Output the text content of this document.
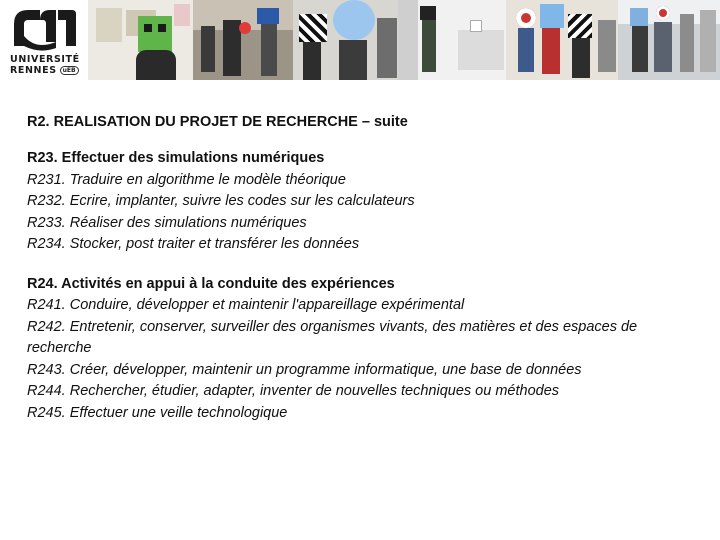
UNIVERSITÉ
RENNES uEB
R2. REALISATION DU PROJET DE RECHERCHE – suite
R23. Effectuer des simulations numériques
R231. Traduire en algorithme le modèle théorique
R232. Ecrire, implanter, suivre les codes sur les calculateurs
R233. Réaliser des simulations numériques
R234. Stocker, post traiter et transférer les données
R24. Activités en appui à la conduite des expériences
R241. Conduire, développer et maintenir l'appareillage expérimental
R242. Entretenir, conserver, surveiller des organismes vivants, des matières et des espaces de recherche
R243. Créer, développer, maintenir un programme informatique, une base de données
R244. Rechercher, étudier, adapter, inventer de nouvelles techniques ou méthodes
R245. Effectuer une veille technologique
